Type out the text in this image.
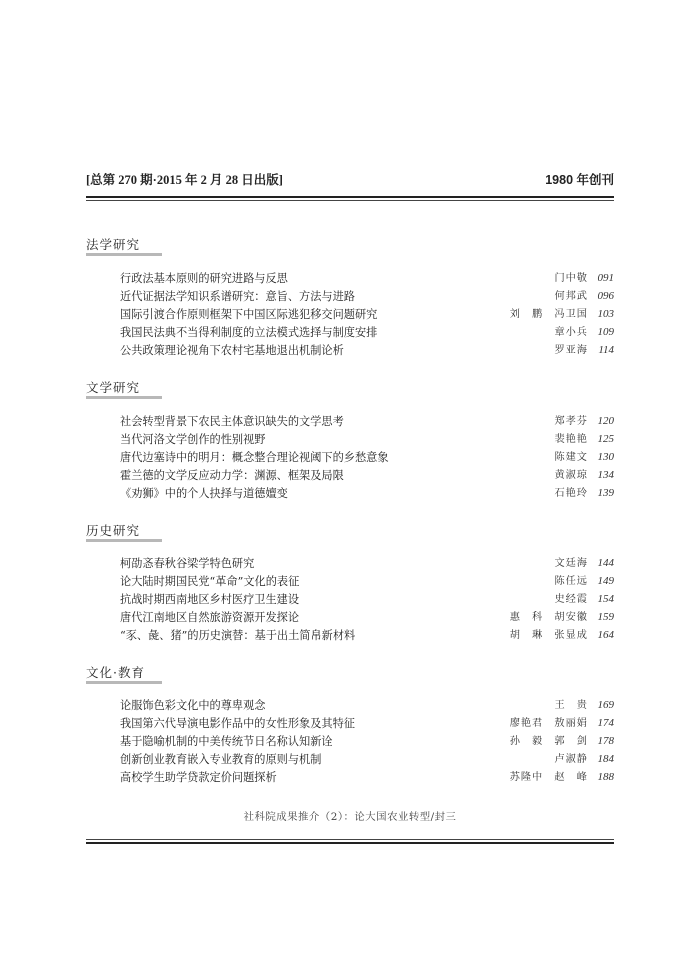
[总第 270 期·2015 年 2 月 28 日出版]	1980 年创刊
法学研究
行政法基本原则的研究进路与反思	门中敬 091
近代证据法学知识系谱研究：意旨、方法与进路	何邦武 096
国际引渡合作原则框架下中国区际逃犯移交问题研究	刘　鹏　冯卫国 103
我国民法典不当得利制度的立法模式选择与制度安排	章小兵 109
公共政策理论视角下农村宅基地退出机制论析	罗亚海 114
文学研究
社会转型背景下农民主体意识缺失的文学思考	郑孝芬 120
当代河洛文学创作的性别视野	裴艳艳 125
唐代边塞诗中的明月：概念整合理论视阈下的乡愁意象	陈建文 130
霍兰德的文学反应动力学：渊源、框架及局限	黄淑琼 134
《劝狮》中的个人抉择与道德嬗变	石艳玲 139
历史研究
柯劭忞春秋谷梁学特色研究	文廷海 144
论大陆时期国民党“革命”文化的表征	陈任远 149
抗战时期西南地区乡村医疗卫生建设	史经霞 154
唐代江南地区自然旅游资源开发探论	惠　科　胡安徽 159
“豕、彘、猪”的历史演替：基于出土简帛新材料	胡　琳　张显成 164
文化·教育
论服饰色彩文化中的尊卑观念	王　贵 169
我国第六代导演电影作品中的女性形象及其特征	廖艳君　敖丽娟 174
基于隐喻机制的中美传统节日名称认知新诠	孙　毅　郭　剑 178
创新创业教育嵌入专业教育的原则与机制	卢淑静 184
高校学生助学贷款定价问题探析	苏隆中　赵　峰 188
社科院成果推介（2）：论大国农业转型/封三
